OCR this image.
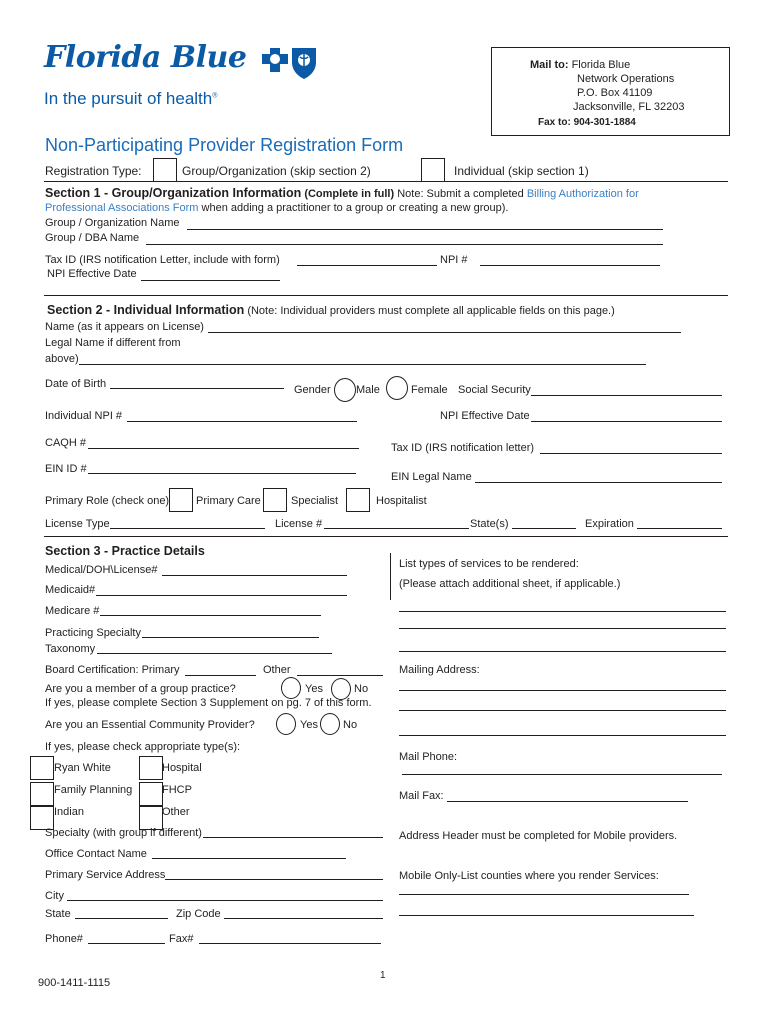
Florida Blue
In the pursuit of health®
Mail to: Florida Blue
Network Operations
P.O. Box 41109
Jacksonville, FL 32203
Fax to: 904-301-1884
Non-Participating Provider Registration Form
Registration Type:	Group/Organization (skip section 2)	Individual (skip section 1)
Section 1 - Group/Organization Information (Complete in full) Note: Submit a completed Billing Authorization for
Professional Associations Form when adding a practitioner to a group or creating a new group).
Group / Organization Name
Group / DBA Name
Tax ID (IRS notification Letter, include with form)	NPI #
NPI Effective Date
Section 2 - Individual Information (Note: Individual providers must complete all applicable fields on this page.)
Name (as it appears on License)
Legal Name if different from
above)
Date of Birth	Gender Male	Female Social Security
Individual NPI #	NPI Effective Date
CAQH #	Tax ID (IRS notification letter)
EIN ID #
EIN Legal Name
Primary Role (check one) Primary Care	Specialist	Hospitalist
License Type	License #	State(s)	Expiration
Section 3 - Practice Details
Medical/DOH\License#
Medicaid#
Medicare #
Practicing Specialty
Taxonomy
Board Certification: Primary	Other
Are you a member of a group practice?	Yes	No
If yes, please complete Section 3 Supplement on pg. 7 of this form.
Are you an Essential Community Provider?	Yes No
If yes, please check appropriate type(s):
Ryan White	Hospital
Family Planning	FHCP
Indian	Other
Specialty (with group if different)
Office Contact Name
Primary Service Address
City
State	Zip Code
Phone#	Fax#
List types of services to be rendered:
(Please attach additional sheet, if applicable.)
Mailing Address:
Mail Phone:
Mail Fax:
Address Header must be completed for Mobile providers.
Mobile Only-List counties where you render Services:
1
900-1411-1115
